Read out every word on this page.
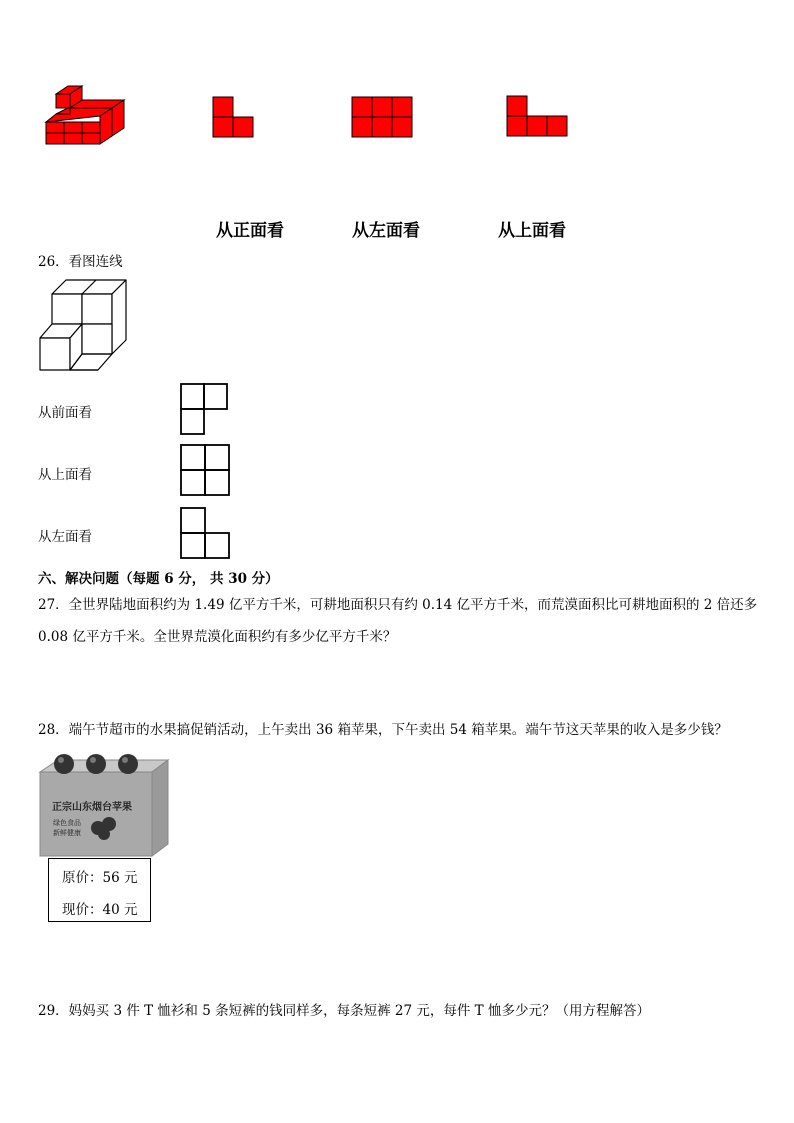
从正面看	从左面看	从上面看
26．看图连线
从前面看
从上面看
从左面看
六、解决问题（每题 6 分， 共 30 分）
27．全世界陆地面积约为 1.49 亿平方千米，可耕地面积只有约 0.14 亿平方千米，而荒漠面积比可耕地面积的 2 倍还多
0.08 亿平方千米。全世界荒漠化面积约有多少亿平方千米？
28．端午节超市的水果搞促销活动，上午卖出 36 箱苹果，下午卖出 54 箱苹果。端午节这天苹果的收入是多少钱？
正宗山东烟台苹果
绿色食品
新鲜健康
原价：56 元
现价：40 元
29．妈妈买 3 件 T 恤衫和 5 条短裤的钱同样多，每条短裤 27 元，每件 T 恤多少元？（用方程解答）
